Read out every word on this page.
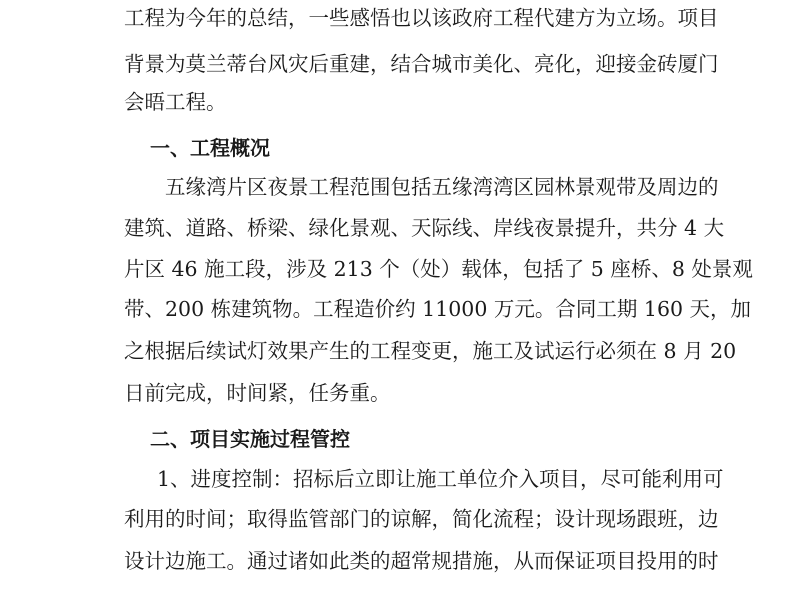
工程为今年的总结，一些感悟也以该政府工程代建方为立场。项目
背景为莫兰蒂台风灾后重建，结合城市美化、亮化，迎接金砖厦门
会晤工程。
一、工程概况
五缘湾片区夜景工程范围包括五缘湾湾区园林景观带及周边的
建筑、道路、桥梁、绿化景观、天际线、岸线夜景提升，共分 4 大
片区 46 施工段，涉及 213 个（处）载体，包括了 5 座桥、8 处景观
带、200 栋建筑物。工程造价约 11000 万元。合同工期 160 天，加
之根据后续试灯效果产生的工程变更，施工及试运行必须在 8 月 20
日前完成，时间紧，任务重。
二、项目实施过程管控
1、进度控制：招标后立即让施工单位介入项目，尽可能利用可
利用的时间；取得监管部门的谅解，简化流程；设计现场跟班，边
设计边施工。通过诸如此类的超常规措施，从而保证项目投用的时
